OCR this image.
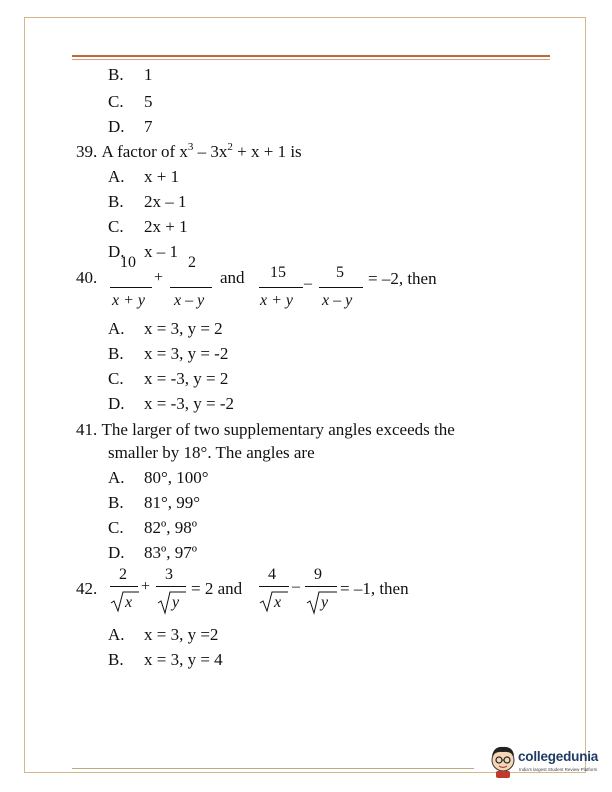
B. 1
C. 5
D. 7
39. A factor of $x^3 - 3x^2 + x + 1$ is
A. x + 1
B. 2x – 1
C. 2x + 1
D. x – 1
40.
10
x + y
+
2
x – y
and 15
x + y
–
5
x – y
= –2, then
A. x = 3, y = 2
B. x = 3, y = -2
C. x = -3, y = 2
D. x = -3, y = -2
41. The larger of two supplementary angles exceeds the
smaller by 18°. The angles are
A. 80°, 100°
B. 81°, 99°
C. 82º, 98º
D. 83º, 97º
42.
2
x
+
3
y
= 2 and
4
x
–
9
y
= –1, then
A. x = 3, y =2
B. x = 3, y = 4
collegedunia
India's largest Student Review Platform
